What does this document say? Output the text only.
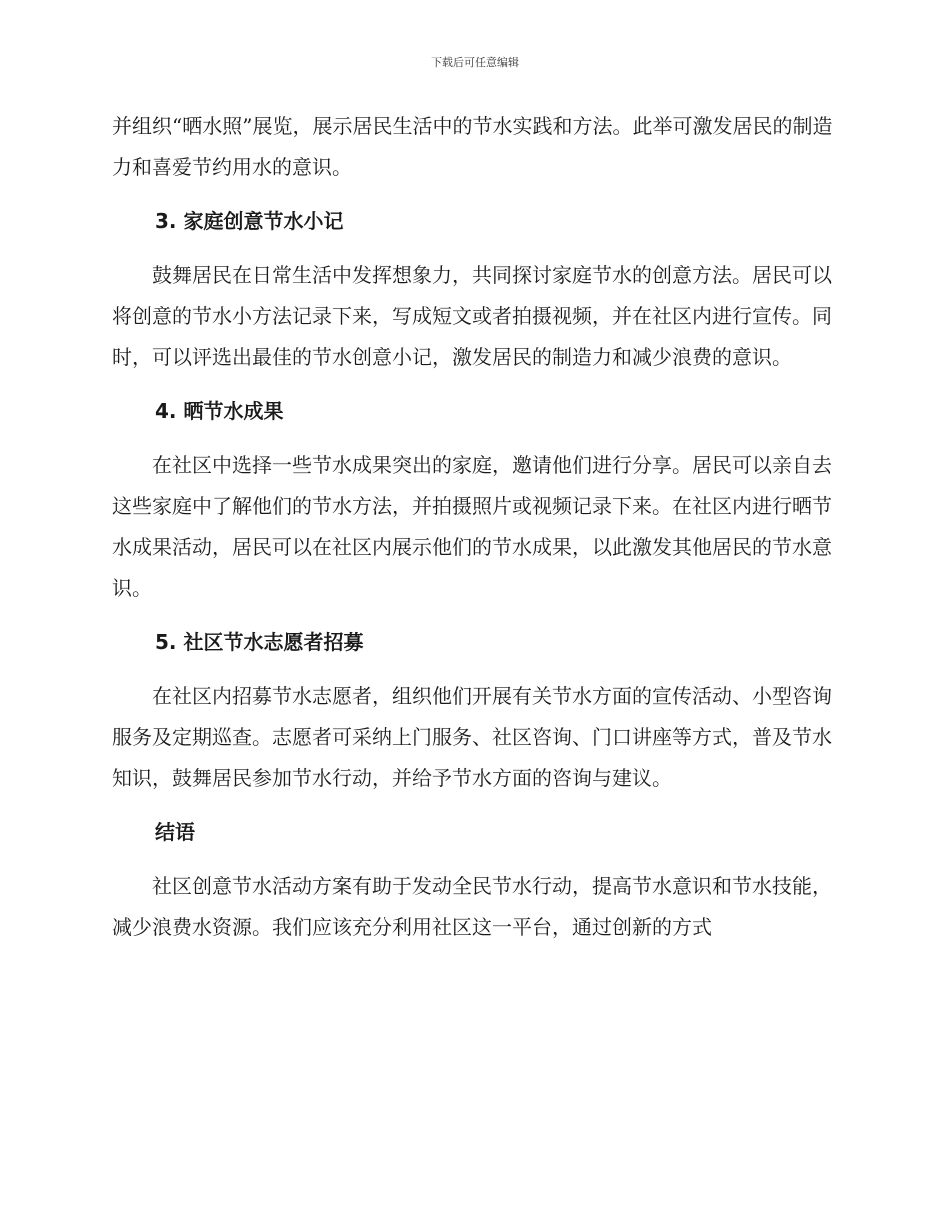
下载后可任意编辑

并组织“晒水照”展览，展示居民生活中的节水实践和方法。此举可激发居民的制造力和喜爱节约用水的意识。

3. 家庭创意节水小记

鼓舞居民在日常生活中发挥想象力，共同探讨家庭节水的创意方法。居民可以将创意的节水小方法记录下来，写成短文或者拍摄视频，并在社区内进行宣传。同时，可以评选出最佳的节水创意小记，激发居民的制造力和减少浪费的意识。

4. 晒节水成果

在社区中选择一些节水成果突出的家庭，邀请他们进行分享。居民可以亲自去这些家庭中了解他们的节水方法，并拍摄照片或视频记录下来。在社区内进行晒节水成果活动，居民可以在社区内展示他们的节水成果，以此激发其他居民的节水意识。

5. 社区节水志愿者招募

在社区内招募节水志愿者，组织他们开展有关节水方面的宣传活动、小型咨询服务及定期巡查。志愿者可采纳上门服务、社区咨询、门口讲座等方式，普及节水知识，鼓舞居民参加节水行动，并给予节水方面的咨询与建议。

结语

社区创意节水活动方案有助于发动全民节水行动，提高节水意识和节水技能，减少浪费水资源。我们应该充分利用社区这一平台，通过创新的方式
